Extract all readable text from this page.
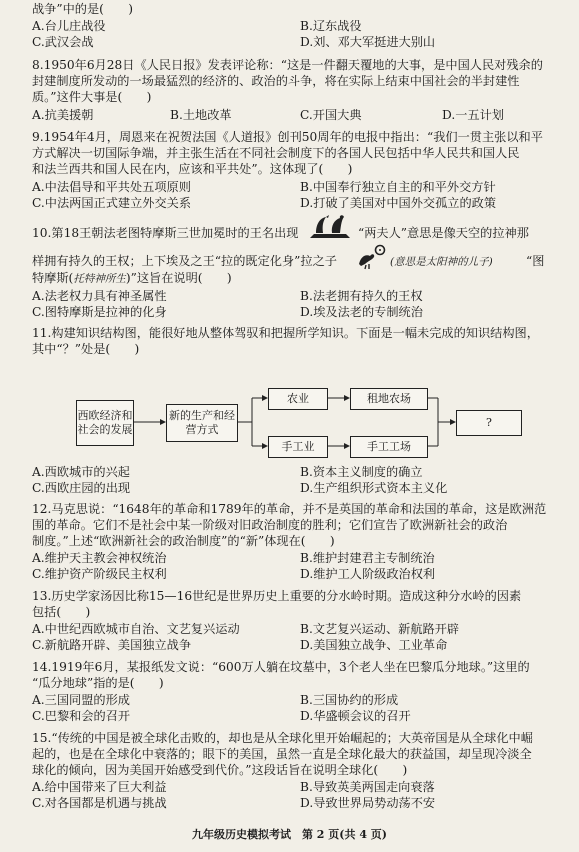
战争”中的是(　　)
A.台儿庄战役	B.辽东战役
C.武汉会战	D.刘、邓大军挺进大别山
8.1950年6月28日《人民日报》发表评论称：“这是一件翻天覆地的大事，是中国人民对残余的
封建制度所发动的一场最猛烈的经济的、政治的斗争，将在实际上结束中国社会的半封建性
质。”这件大事是(　　)
A.抗美援朝	B.土地改革	C.开国大典	D.一五计划
9.1954年4月，周恩来在祝贺法国《人道报》创刊50周年的电报中指出：“我们一贯主张以和平
方式解决一切国际争端，并主张生活在不同社会制度下的各国人民包括中华人民共和国人民
和法兰西共和国人民在内，应该和平共处”。这体现了(　　)
A.中法倡导和平共处五项原则	B.中国奉行独立自主的和平外交方针
C.中法两国正式建立外交关系	D.打破了美国对中国外交孤立的政策
10.第18王朝法老图特摩斯三世加冕时的王名出现	“两夫人”意思是像天空的拉神那
样拥有持久的王权；上下埃及之王“拉的既定化身”拉之子	(意思是太阳神的儿子)	“图
特摩斯(托特神所生)”这旨在说明(　　)
A.法老权力具有神圣属性	B.法老拥有持久的王权
C.图特摩斯是拉神的化身	D.埃及法老的专制统治
11.构建知识结构图，能很好地从整体驾驭和把握所学知识。下面是一幅未完成的知识结构图，
其中“？”处是(　　)
西欧经济和社会的发展
新的生产和经营方式
农业	租地农场
手工业	手工工场
?
A.西欧城市的兴起	B.资本主义制度的确立
C.西欧庄园的出现	D.生产组织形式资本主义化
12.马克思说：“1648年的革命和1789年的革命，并不是英国的革命和法国的革命，这是欧洲范
围的革命。它们不是社会中某一阶级对旧政治制度的胜利；它们宣告了欧洲新社会的政治
制度。”上述“欧洲新社会的政治制度”的“新”体现在(　　)
A.维护天主教会神权统治	B.维护封建君主专制统治
C.维护资产阶级民主权利	D.维护工人阶级政治权利
13.历史学家汤因比称15—16世纪是世界历史上重要的分水岭时期。造成这种分水岭的因素
包括(　　)
A.中世纪西欧城市自治、文艺复兴运动	B.文艺复兴运动、新航路开辟
C.新航路开辟、美国独立战争	D.美国独立战争、工业革命
14.1919年6月，某报纸发文说：“600万人躺在坟墓中，3个老人坐在巴黎瓜分地球。”这里的
“瓜分地球”指的是(　　)
A.三国同盟的形成	B.三国协约的形成
C.巴黎和会的召开	D.华盛顿会议的召开
15.“传统的中国是被全球化击败的，却也是从全球化里开始崛起的；大英帝国是从全球化中崛
起的，也是在全球化中衰落的；眼下的美国，虽然一直是全球化最大的获益国，却呈现冷淡全
球化的倾向，因为美国开始感受到代价。”这段话旨在说明全球化(　　)
A.给中国带来了巨大利益	B.导致英美两国走向衰落
C.对各国都是机遇与挑战	D.导致世界局势动荡不安
九年级历史模拟考试　第 2 页(共 4 页)
